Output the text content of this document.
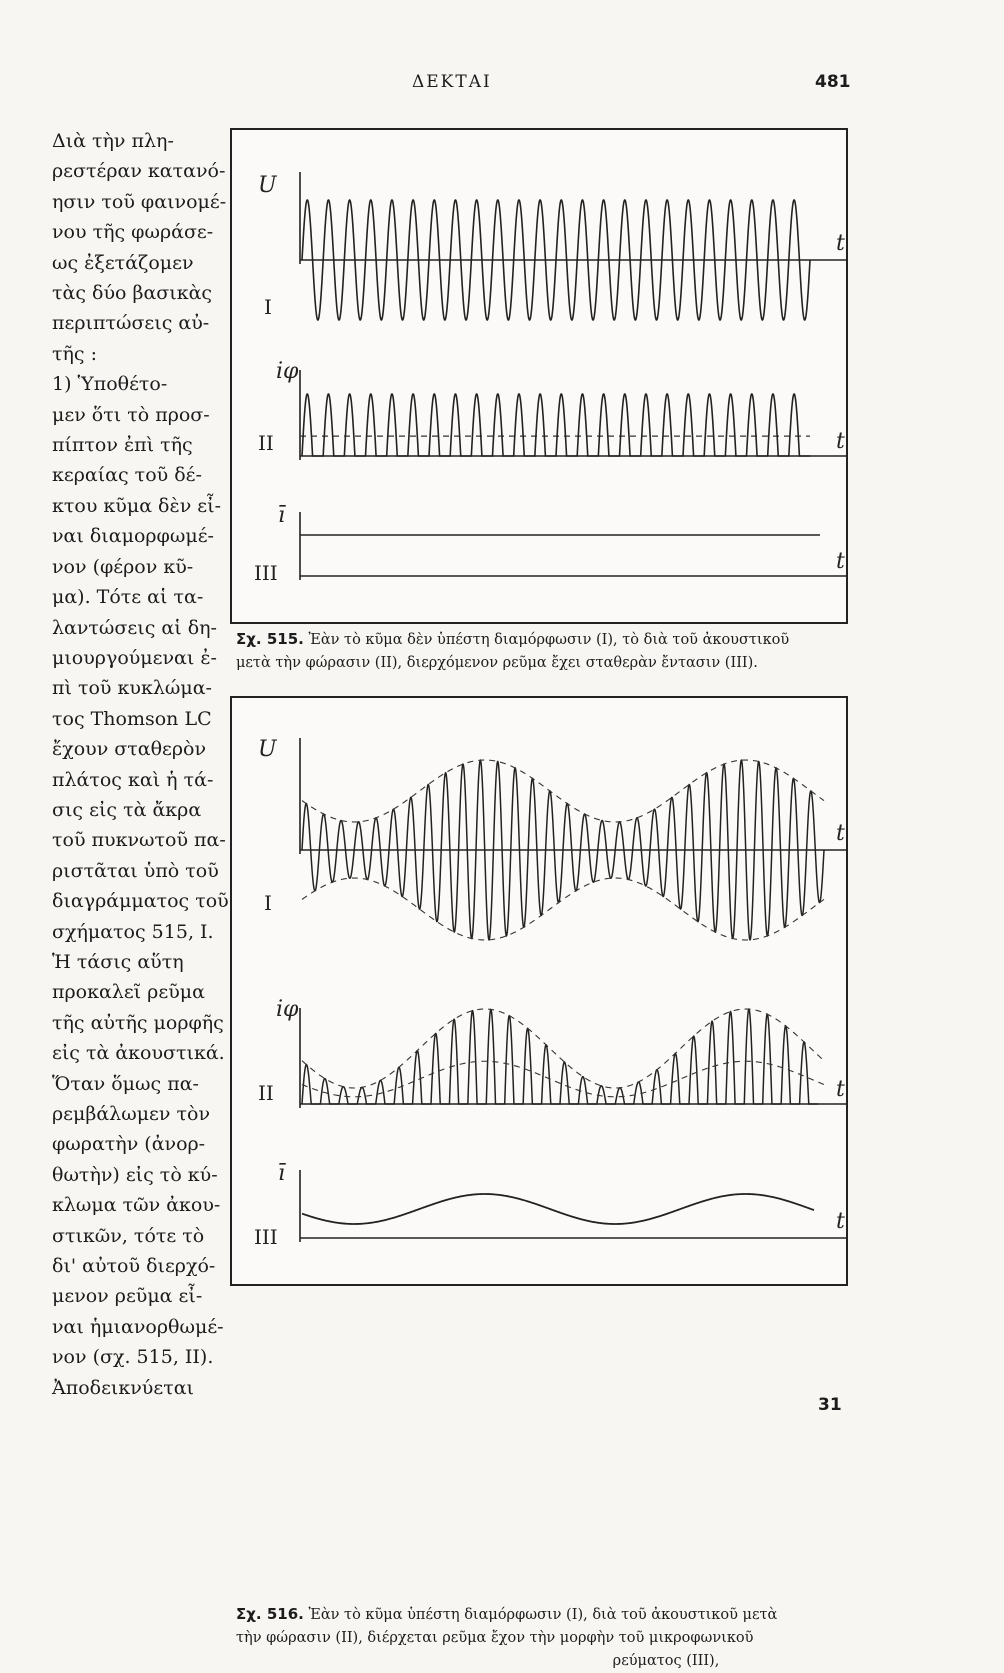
ΔΕΚΤΑΙ	481
Διὰ τὴν πλη-
ρεστέραν κατανό-
ησιν τοῦ φαινομέ-
νου τῆς φωράσε-
ως ἐξετάζομεν
τὰς δύο βασικὰς
περιπτώσεις αὐ-
τῆς :
1) Ὑποθέτο-
μεν ὅτι τὸ προσ-
πίπτον ἐπὶ τῆς
κεραίας τοῦ δέ-
κτου κῦμα δὲν εἶ-
ναι διαμορφωμέ-
νον (φέρον κῦ-
μα). Τότε αἱ τα-
λαντώσεις αἱ δη-
μιουργούμεναι ἐ-
πὶ τοῦ κυκλώμα-
τος Thomson LC
ἔχουν σταθερὸν
πλάτος καὶ ἡ τά-
σις εἰς τὰ ἄκρα
τοῦ πυκνωτοῦ πα-
ριστᾶται ὑπὸ τοῦ
διαγράμματος τοῦ
σχήματος 515, I.
Ἡ τάσις αὕτη
προκαλεῖ ρεῦμα
τῆς αὐτῆς μορφῆς
εἰς τὰ ἀκουστικά.
Ὅταν ὅμως πα-
ρεμβάλωμεν τὸν
φωρατὴν (ἀνορ-
θωτὴν) εἰς τὸ κύ-
κλωμα τῶν ἀκου-
στικῶν, τότε τὸ
δι' αὐτοῦ διερχό-
μενον ρεῦμα εἶ-
ναι ἡμιανορθωμέ-
νον (σχ. 515, II).
Ἀποδεικνύεται
U
t
I
iφ
t
II
ī
t
III
Σχ. 515. Ἐὰν τὸ κῦμα δὲν ὑπέστη διαμόρφωσιν (I), τὸ διὰ τοῦ ἀκουστικοῦ
μετὰ τὴν φώρασιν (II), διερχόμενον ρεῦμα ἔχει σταθερὰν ἔντασιν (III).
U
t
I
iφ
t
II
ī
t
III
Σχ. 516. Ἐὰν τὸ κῦμα ὑπέστη διαμόρφωσιν (I), διὰ τοῦ ἀκουστικοῦ μετὰ
τὴν φώρασιν (II), διέρχεται ρεῦμα ἔχον τὴν μορφὴν τοῦ μικροφωνικοῦ
ρεύματος (III),
31
